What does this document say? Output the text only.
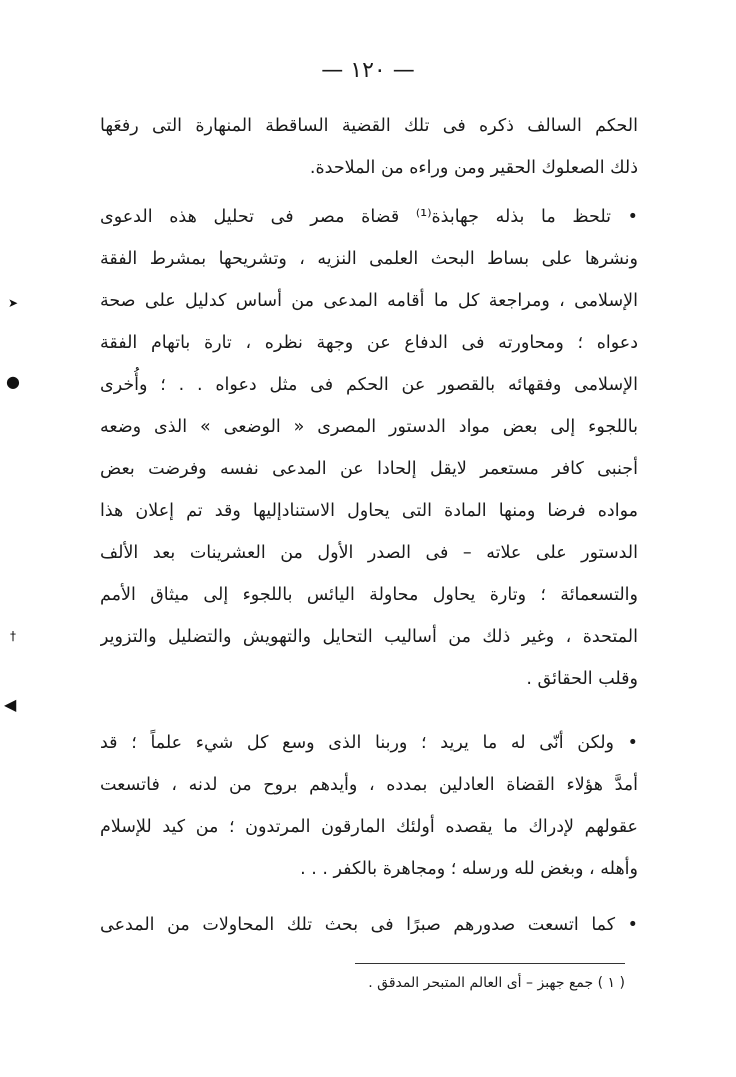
— ١٢٠ —
الحكم السالف ذكره فى تلك القضية الساقطة المنهارة التى رفعَها
ذلك الصعلوك الحقير ومن وراءه من الملاحدة.
• تلحظ ما بذله جهابذة⁽¹⁾ قضاة مصر فى تحليل هذه الدعوى
ونشرها على بساط البحث العلمى النزيه ، وتشريحها بمشرط الفقة
الإسلامى ، ومراجعة كل ما أقامه المدعى من أساس كدليل على صحة
دعواه ؛ ومحاورته فى الدفاع عن وجهة نظره ، تارة باتهام الفقة
الإسلامى وفقهائه بالقصور عن الحكم فى مثل دعواه . . ؛ وأُخرى
باللجوء إلى بعض مواد الدستور المصرى « الوضعى » الذى وضعه
أجنبى كافر مستعمر لايقل إلحادا عن المدعى نفسه وفرضت بعض
مواده فرضا ومنها المادة التى يحاول الاستنادإليها وقد تم إعلان هذا
الدستور على علاته – فى الصدر الأول من العشرينات بعد الألف
والتسعمائة ؛ وتارة يحاول محاولة اليائس باللجوء إلى ميثاق الأمم
المتحدة ، وغير ذلك من أساليب التحايل والتهويش والتضليل والتزوير
وقلب الحقائق .
• ولكن أنّى له ما يريد ؛ وربنا الذى وسع كل شيء علماً ؛ قد
أمدَّ هؤلاء القضاة العادلين بمدده ، وأيدهم بروح من لدنه ، فاتسعت
عقولهم لإدراك ما يقصده أولئك المارقون المرتدون ؛ من كيد للإسلام
وأهله ، وبغض لله ورسله ؛ ومجاهرة بالكفر . . .
• كما اتسعت صدورهم صبرًا فى بحث تلك المحاولات من المدعى
( ١ ) جمع جهبز – أى العالم المتبحر المدقق .
➤
●
†
◀
